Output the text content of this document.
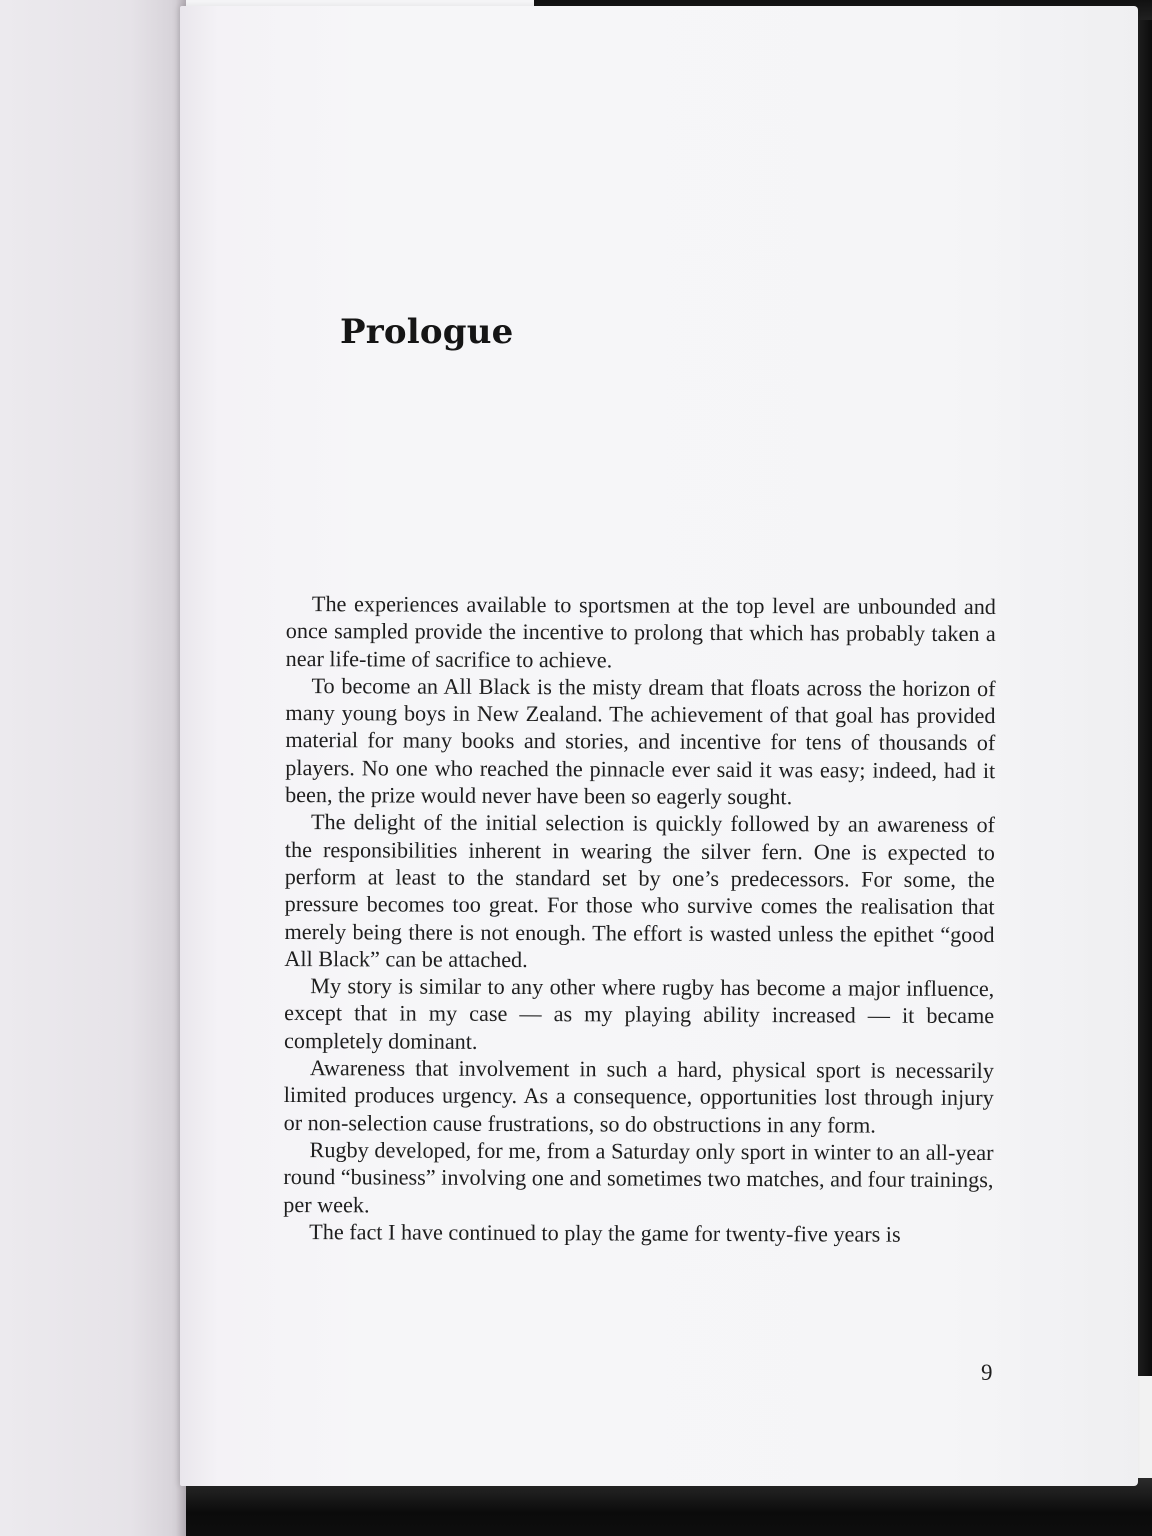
Prologue

The experiences available to sportsmen at the top level are unbounded and once sampled provide the incentive to prolong that which has probably taken a near life-time of sacrifice to achieve.

To become an All Black is the misty dream that floats across the horizon of many young boys in New Zealand. The achievement of that goal has provided material for many books and stories, and incentive for tens of thousands of players. No one who reached the pinnacle ever said it was easy; indeed, had it been, the prize would never have been so eagerly sought.

The delight of the initial selection is quickly followed by an awareness of the responsibilities inherent in wearing the silver fern. One is expected to perform at least to the standard set by one’s predecessors. For some, the pressure becomes too great. For those who survive comes the realisation that merely being there is not enough. The effort is wasted unless the epithet “good All Black” can be attached.

My story is similar to any other where rugby has become a major influence, except that in my case — as my playing ability increased — it became completely dominant.

Awareness that involvement in such a hard, physical sport is necessarily limited produces urgency. As a consequence, opportunities lost through injury or non-selection cause frustrations, so do obstructions in any form.

Rugby developed, for me, from a Saturday only sport in winter to an all-year round “business” involving one and sometimes two matches, and four trainings, per week.

The fact I have continued to play the game for twenty-five years is

9
